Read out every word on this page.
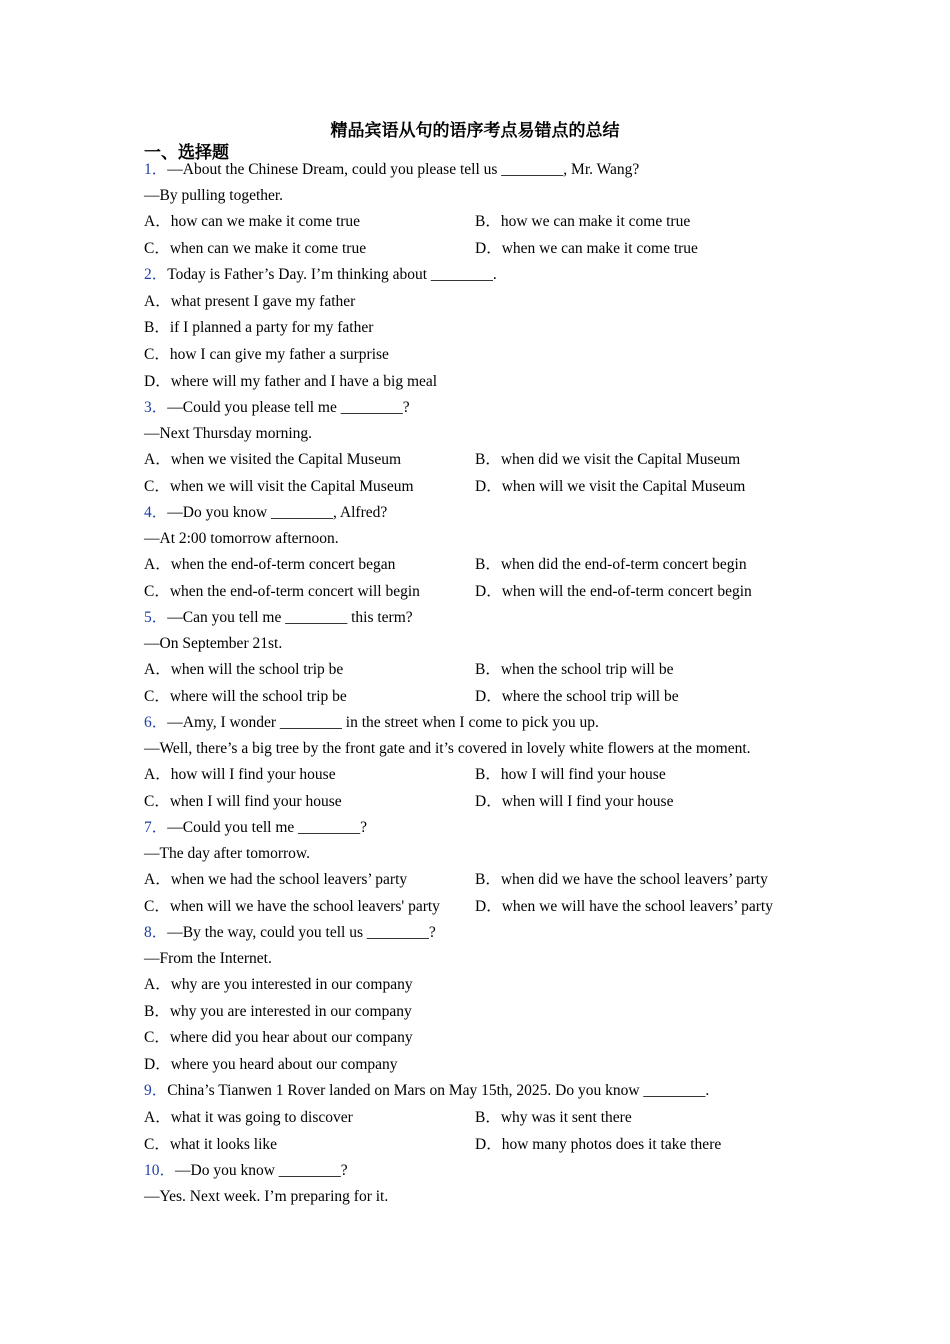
精品宾语从句的语序考点易错点的总结
一、选择题
1．—About the Chinese Dream, could you please tell us ________, Mr. Wang?
—By pulling together.
A．how can we make it come true	B．how we can make it come true
C．when can we make it come true	D．when we can make it come true
2．Today is Father’s Day. I’m thinking about ________.
A．what present I gave my father
B．if I planned a party for my father
C．how I can give my father a surprise
D．where will my father and I have a big meal
3．—Could you please tell me ________?
—Next Thursday morning.
A．when we visited the Capital Museum	B．when did we visit the Capital Museum
C．when we will visit the Capital Museum	D．when will we visit the Capital Museum
4．—Do you know ________, Alfred?
—At 2:00 tomorrow afternoon.
A．when the end-of-term concert began	B．when did the end-of-term concert begin
C．when the end-of-term concert will begin	D．when will the end-of-term concert begin
5．—Can you tell me ________ this term?
—On September 21st.
A．when will the school trip be	B．when the school trip will be
C．where will the school trip be	D．where the school trip will be
6．—Amy, I wonder ________ in the street when I come to pick you up.
—Well, there’s a big tree by the front gate and it’s covered in lovely white flowers at the moment.
A．how will I find your house	B．how I will find your house
C．when I will find your house	D．when will I find your house
7．—Could you tell me ________?
—The day after tomorrow.
A．when we had the school leavers’ party	B．when did we have the school leavers’ party
C．when will we have the school leavers' party D．when we will have the school leavers’ party
8．—By the way, could you tell us ________?
—From the Internet.
A．why are you interested in our company
B．why you are interested in our company
C．where did you hear about our company
D．where you heard about our company
9．China’s Tianwen 1 Rover landed on Mars on May 15th, 2025. Do you know ________.
A．what it was going to discover	B．why was it sent there
C．what it looks like	D．how many photos does it take there
10．—Do you know ________?
—Yes. Next week. I’m preparing for it.
